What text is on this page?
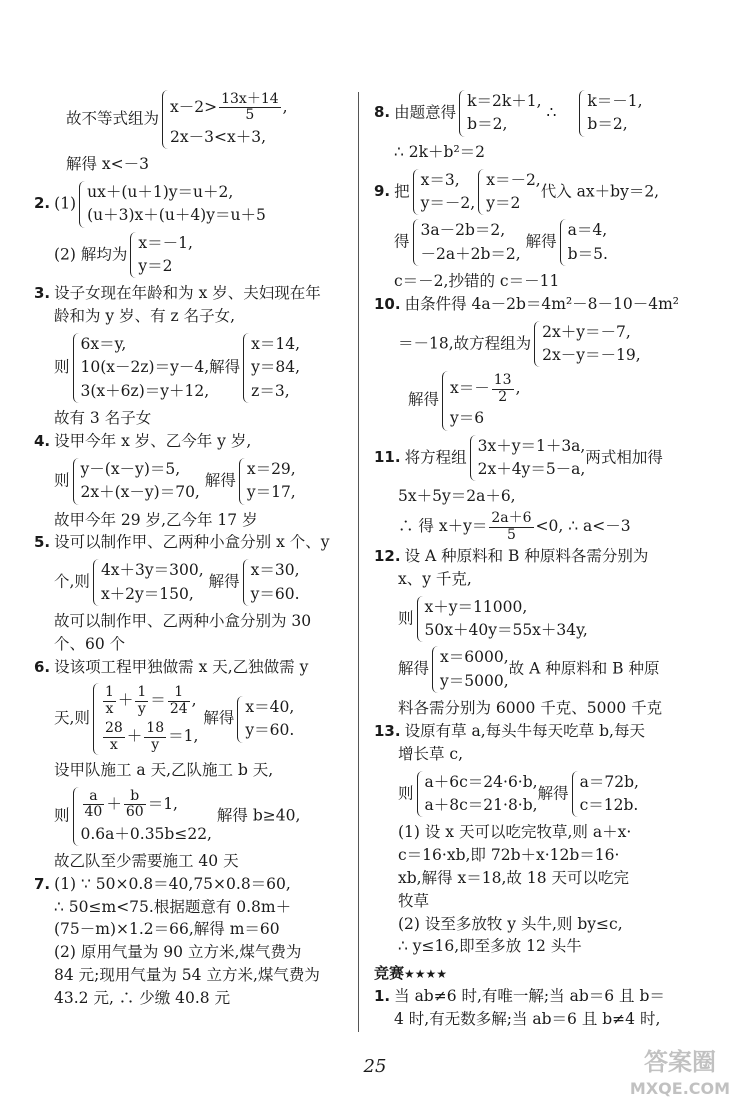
故不等式组为
$x-2> \frac{13x+14}{5}$ ,
2x－3<x＋3,
解得 x<－3
2. (1)
ux＋(u＋1)y＝u＋2,
(u＋3)x＋(u＋4)y＝u＋5
(2) 解均为
x＝－1,
y＝2
3. 设子女现在年龄和为 x 岁、夫妇现在年
龄和为 y 岁、有 z 名子女,
则
6x＝y,
10(x－2z)＝y－4,
3(x＋6z)＝y＋12,
解得
x＝14,
y＝84,
z＝3,
故有 3 名子女
4. 设甲今年 x 岁、乙今年 y 岁,
则
y－(x－y)＝5,
2x＋(x－y)＝70,
解得
x＝29,
y＝17,
故甲今年 29 岁,乙今年 17 岁
5. 设可以制作甲、乙两种小盒分别 x 个、y
个,则
4x＋3y＝300,
x＋2y＝150,
解得
x＝30,
y＝60.
故可以制作甲、乙两种小盒分别为 30
个、60 个
6. 设该项工程甲独做需 x 天,乙独做需 y
天,则
$\frac{1}{x} + \frac{1}{y} = \frac{1}{24}$ ,
$\frac{28}{x} + \frac{18}{y} =1$,
解得
x＝40,
y＝60.
设甲队施工 a 天,乙队施工 b 天,
则 $\frac{a}{40} + \frac{b}{60} =1$,
0.6a＋0.35b≤22,
解得 b≥40,
故乙队至少需要施工 40 天
7. (1) ∵ 50×0.8＝40,75×0.8＝60,
∴ 50≤m<75.根据题意有 0.8m＋
(75－m)×1.2＝66,解得 m＝60
(2) 原用气量为 90 立方米,煤气费为
84 元;现用气量为 54 立方米,煤气费为
43.2 元, ∴ 少缴 40.8 元
8. 由题意得
k＝2k＋1,
b＝2,
∴
k＝－1,
b＝2,
∴ 2k＋b²＝2
9. 把
x＝3,
y＝－2,
x＝－2,
y＝2
代入 ax＋by＝2,
得
3a－2b＝2,
－2a＋2b＝2,
解得
a＝4,
b＝5.
c＝－2,抄错的 c＝－11
10. 由条件得 4a－2b＝4m²－8－10－4m²
＝－18,故方程组为
2x＋y＝－7,
2x－y＝－19,
解得
$x=- \frac{13}{2}$ ,
y＝6
11. 将方程组
3x＋y＝1＋3a,
2x＋4y＝5－a,
两式相加得
5x＋5y＝2a＋6,
∴ 得 $x+y= \frac{2a+6}{5} <0$, ∴ a<－3
12. 设 A 种原料和 B 种原料各需分别为
x、y 千克,
则
x＋y＝11000,
50x＋40y＝55x＋34y,
解得
x＝6000,
y＝5000,
故 A 种原料和 B 种原
料各需分别为 6000 千克、5000 千克
13. 设原有草 a,每头牛每天吃草 b,每天
增长草 c,
则
a＋6c＝24·6·b,
a＋8c＝21·8·b,
解得
a＝72b,
c＝12b.
(1) 设 x 天可以吃完牧草,则 a＋x·
c＝16·xb,即 72b＋x·12b＝16·
xb,解得 x＝18,故 18 天可以吃完
牧草
(2) 设至多放牧 y 头牛,则 by≤c,
∴ y≤16,即至多放 12 头牛
竞赛★★★★
1. 当 ab≠6 时,有唯一解;当 ab＝6 且 b＝
4 时,有无数多解;当 ab＝6 且 b≠4 时,
25	答案圈
MXQE.COM
